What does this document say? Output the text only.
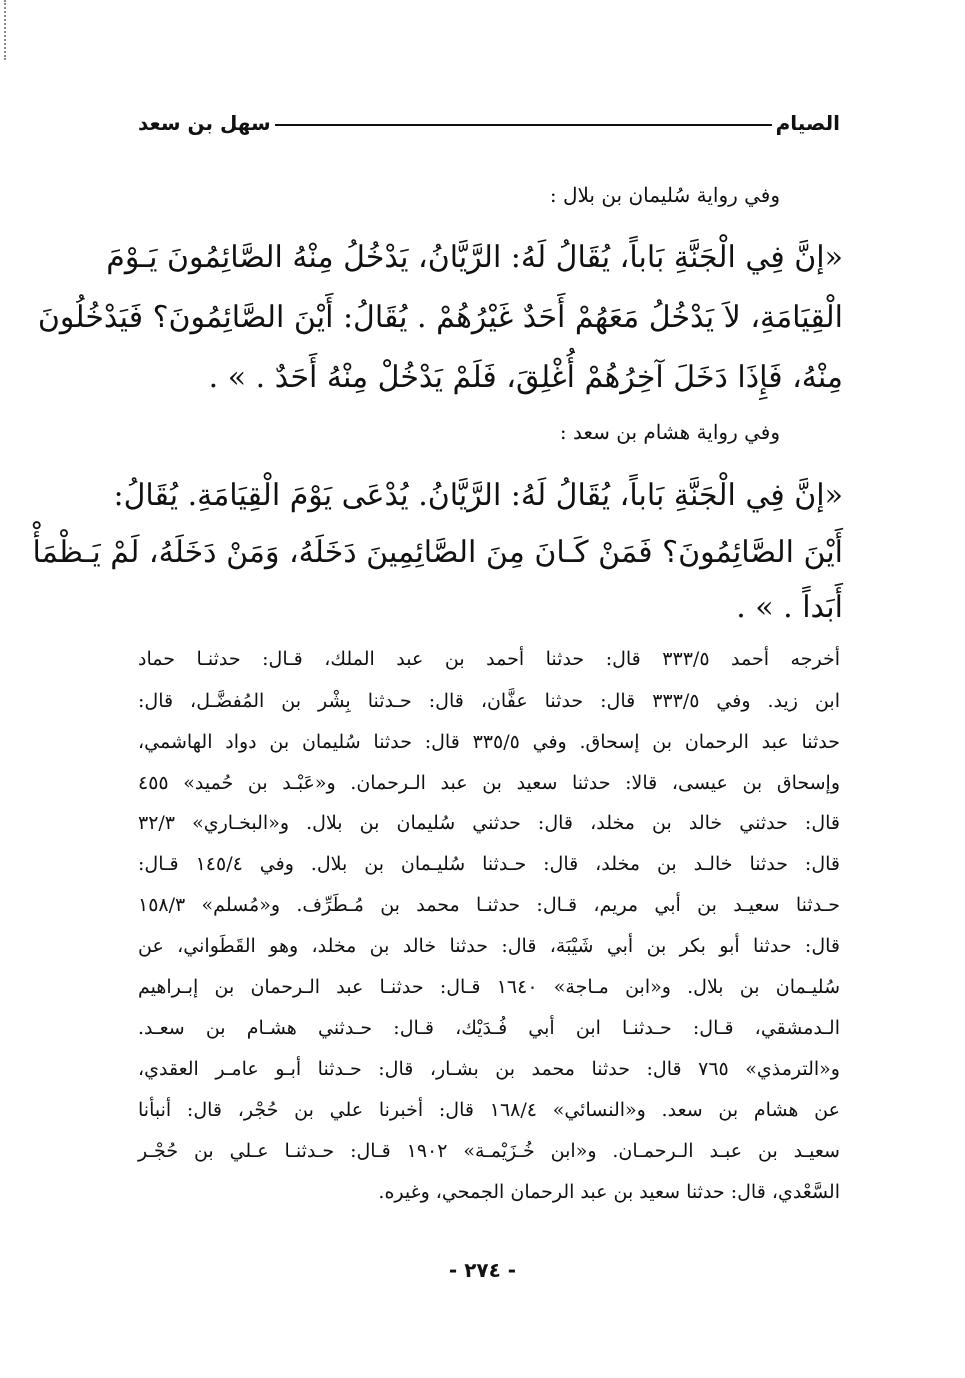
الصيام
سهل بن سعد
وفي رواية سُليمان بن بلال :
«إنَّ فِي الْجَنَّةِ بَاباً، يُقَالُ لَهُ: الرَّيَّانُ، يَدْخُلُ مِنْهُ الصَّائِمُونَ يَـوْمَ
الْقِيَامَةِ، لاَ يَدْخُلُ مَعَهُمْ أَحَدٌ غَيْرُهُمْ . يُقَالُ: أَيْنَ الصَّائِمُونَ؟ فَيَدْخُلُونَ
مِنْهُ، فَإِذَا دَخَلَ آخِرُهُمْ أُغْلِقَ، فَلَمْ يَدْخُلْ مِنْهُ أَحَدٌ . » .
وفي رواية هشام بن سعد :
«إنَّ فِي الْجَنَّةِ بَاباً، يُقَالُ لَهُ: الرَّيَّانُ. يُدْعَى يَوْمَ الْقِيَامَةِ. يُقَالُ:
أَيْنَ الصَّائِمُونَ؟ فَمَنْ كَـانَ مِنَ الصَّائِمِينَ دَخَلَهُ، وَمَنْ دَخَلَهُ، لَمْ يَـظْمَأْ
أَبَداً . » .
أخرجه أحمد ٣٣٣/٥ قال: حدثنا أحمد بن عبد الملك، قـال: حدثنـا حماد
ابن زيد. وفي ٣٣٣/٥ قال: حدثنا عفَّان، قال: حـدثنا بِشْر بن المُفضَّـل، قال:
حدثنا عبد الرحمان بن إسحاق. وفي ٣٣٥/٥ قال: حدثنا سُليمان بن دواد الهاشمي،
وإسحاق بن عيسى، قالا: حدثنا سعيد بن عبد الـرحمان. و«عَبْـد بن حُميد» ٤٥٥
قال: حدثني خالد بن مخلد، قال: حدثني سُليمان بن بلال. و«البخـاري» ٣٢/٣
قال: حدثنا خالـد بن مخلد، قال: حـدثنا سُليـمان بن بلال. وفي ١٤٥/٤ قـال:
حـدثنا سعيـد بن أبي مريم، قـال: حدثنـا محمد بن مُـطَرِّف. و«مُسلم» ١٥٨/٣
قال: حدثنا أبو بكر بن أبي شَيْبَة، قال: حدثنا خالد بن مخلد، وهو القَطَواني، عن
سُليـمان بن بلال. و«ابن مـاجة» ١٦٤٠ قـال: حدثنـا عبد الـرحمان بن إبـراهيم
الـدمشقي، قـال: حـدثنـا ابن أبي فُـدَيْك، قـال: حـدثني هشـام بن سعـد.
و«الترمذي» ٧٦٥ قال: حدثنا محمد بن بشـار، قال: حـدثنا أبـو عامـر العقدي،
عن هشام بن سعد. و«النسائي» ١٦٨/٤ قال: أخبرنا علي بن حُجْر، قال: أنبأنا
سعيـد بن عبـد الـرحمـان. و«ابن خُـزَيْمـة» ١٩٠٢ قـال: حـدثنـا عـلي بن حُجْـر
السَّعْدي، قال: حدثنا سعيد بن عبد الرحمان الجمحي، وغيره.
- ٢٧٤ -
